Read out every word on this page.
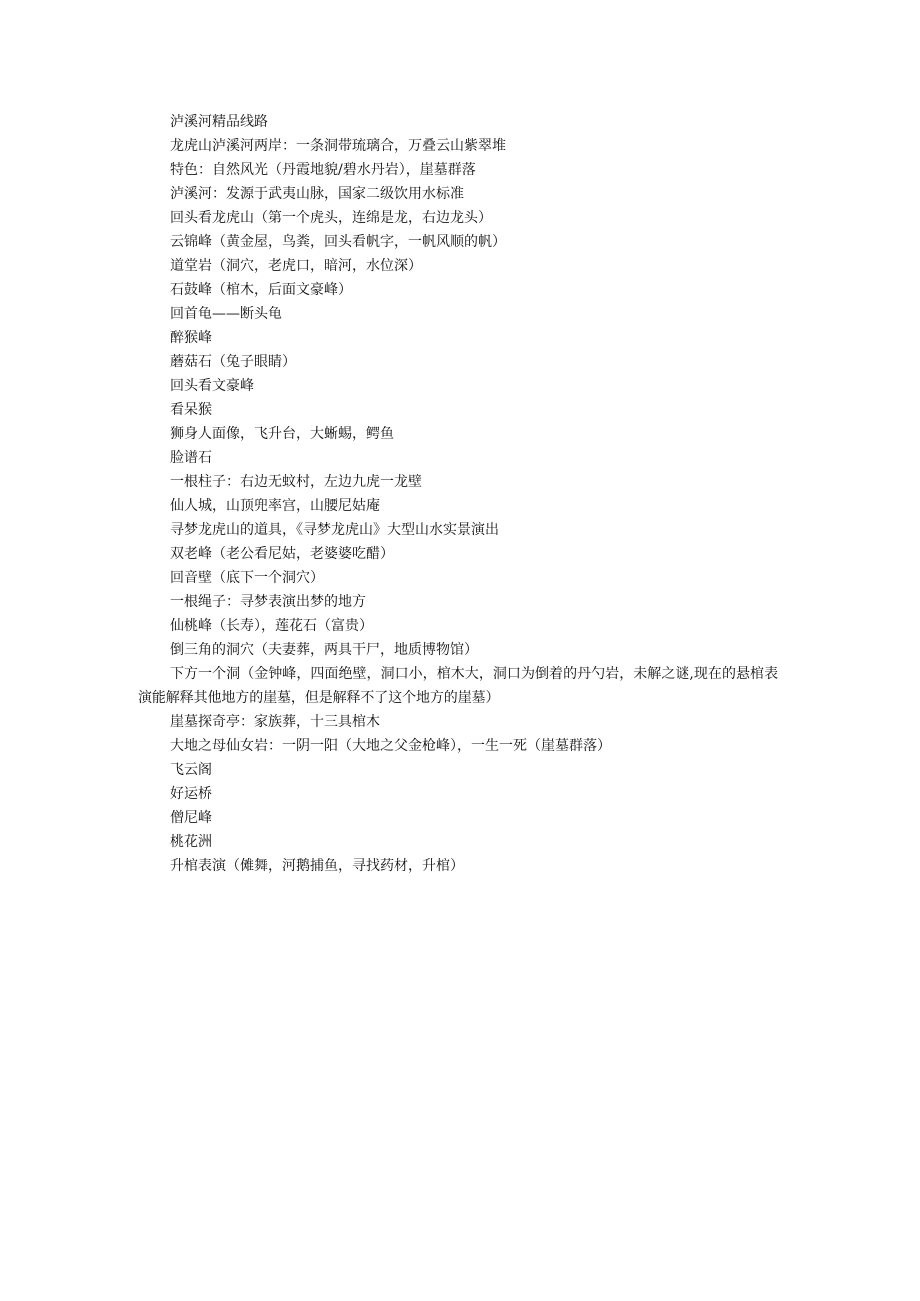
泸溪河精品线路

龙虎山泸溪河两岸：一条洞带琉璃合，万叠云山紫翠堆

特色：自然风光（丹霞地貌/碧水丹岩），崖墓群落

泸溪河：发源于武夷山脉，国家二级饮用水标准

回头看龙虎山（第一个虎头，连绵是龙，右边龙头）

云锦峰（黄金屋，鸟粪，回头看帆字，一帆风顺的帆）

道堂岩（洞穴，老虎口，暗河，水位深）

石鼓峰（棺木，后面文豪峰）

回首龟——断头龟

醉猴峰

蘑菇石（兔子眼睛）

回头看文豪峰

看呆猴

狮身人面像，飞升台，大蜥蜴，鳄鱼

脸谱石

一根柱子：右边无蚊村，左边九虎一龙壁

仙人城，山顶兜率宫，山腰尼姑庵

寻梦龙虎山的道具，《寻梦龙虎山》大型山水实景演出

双老峰（老公看尼姑，老婆婆吃醋）

回音壁（底下一个洞穴）

一根绳子：寻梦表演出梦的地方

仙桃峰（长寿），莲花石（富贵）

倒三角的洞穴（夫妻葬，两具干尸，地质博物馆）

下方一个洞（金钟峰，四面绝壁，洞口小，棺木大，洞口为倒着的丹勺岩，未解之谜,现在的悬棺表演能解释其他地方的崖墓，但是解释不了这个地方的崖墓）

崖墓探奇亭：家族葬，十三具棺木

大地之母仙女岩：一阴一阳（大地之父金枪峰），一生一死（崖墓群落）

飞云阁

好运桥

僧尼峰

桃花洲

升棺表演（傩舞，河鹅捕鱼，寻找药材，升棺）
